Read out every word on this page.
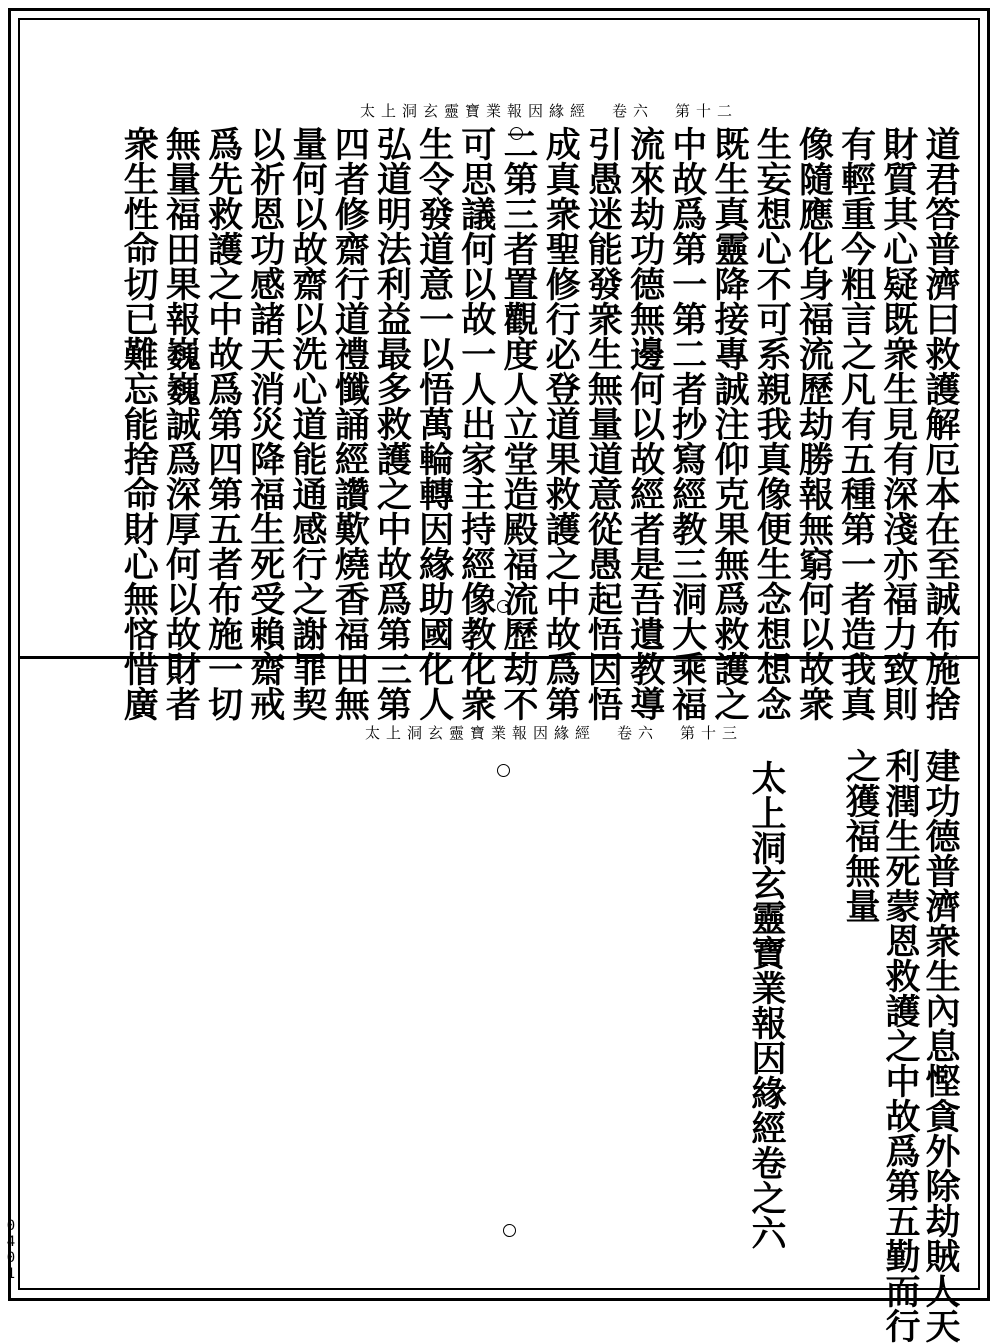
太上洞玄靈寶業報因緣經　卷六　第十二
道君答普濟曰救護解厄本在至誠布施捨
財質其心疑既衆生見有深淺亦福力致則
有輕重今粗言之凡有五種第一者造我真
像隨應化身福流歷劫勝報無窮何以故衆
生妄想心不可系親我真像便生念想想念
既生真靈降接專誠注仰克果無爲救護之
中故爲第一第二者抄寫經教三洞大乘福
流來劫功德無邊何以故經者是吾遺教導
引愚迷能發衆生無量道意從愚起悟因悟
成真衆聖修行必登道果救護之中故爲第
二第三者置觀度人立堂造殿福流歷劫不
可思議何以故一人出家主持經像教化衆
生令發道意一以悟萬輪轉因緣助國化人
弘道明法利益最多救護之中故爲第三第
四者修齋行道禮懺誦經讚歎燒香福田無
量何以故齋以洗心道能通感行之謝罪契
以祈恩功感諸天消災降福生死受賴齋戒
爲先救護之中故爲第四第五者布施一切
無量福田果報巍巍誠爲深厚何以故財者
衆生性命切已難忘能捨命財心無悋惜廣
太上洞玄靈寶業報因緣經　卷六　第十三
建功德普濟衆生內息慳貪外除劫賊人天
利潤生死蒙恩救護之中故爲第五勤而行
之獲福無量
太上洞玄靈寶業報因緣經卷之六
0401
